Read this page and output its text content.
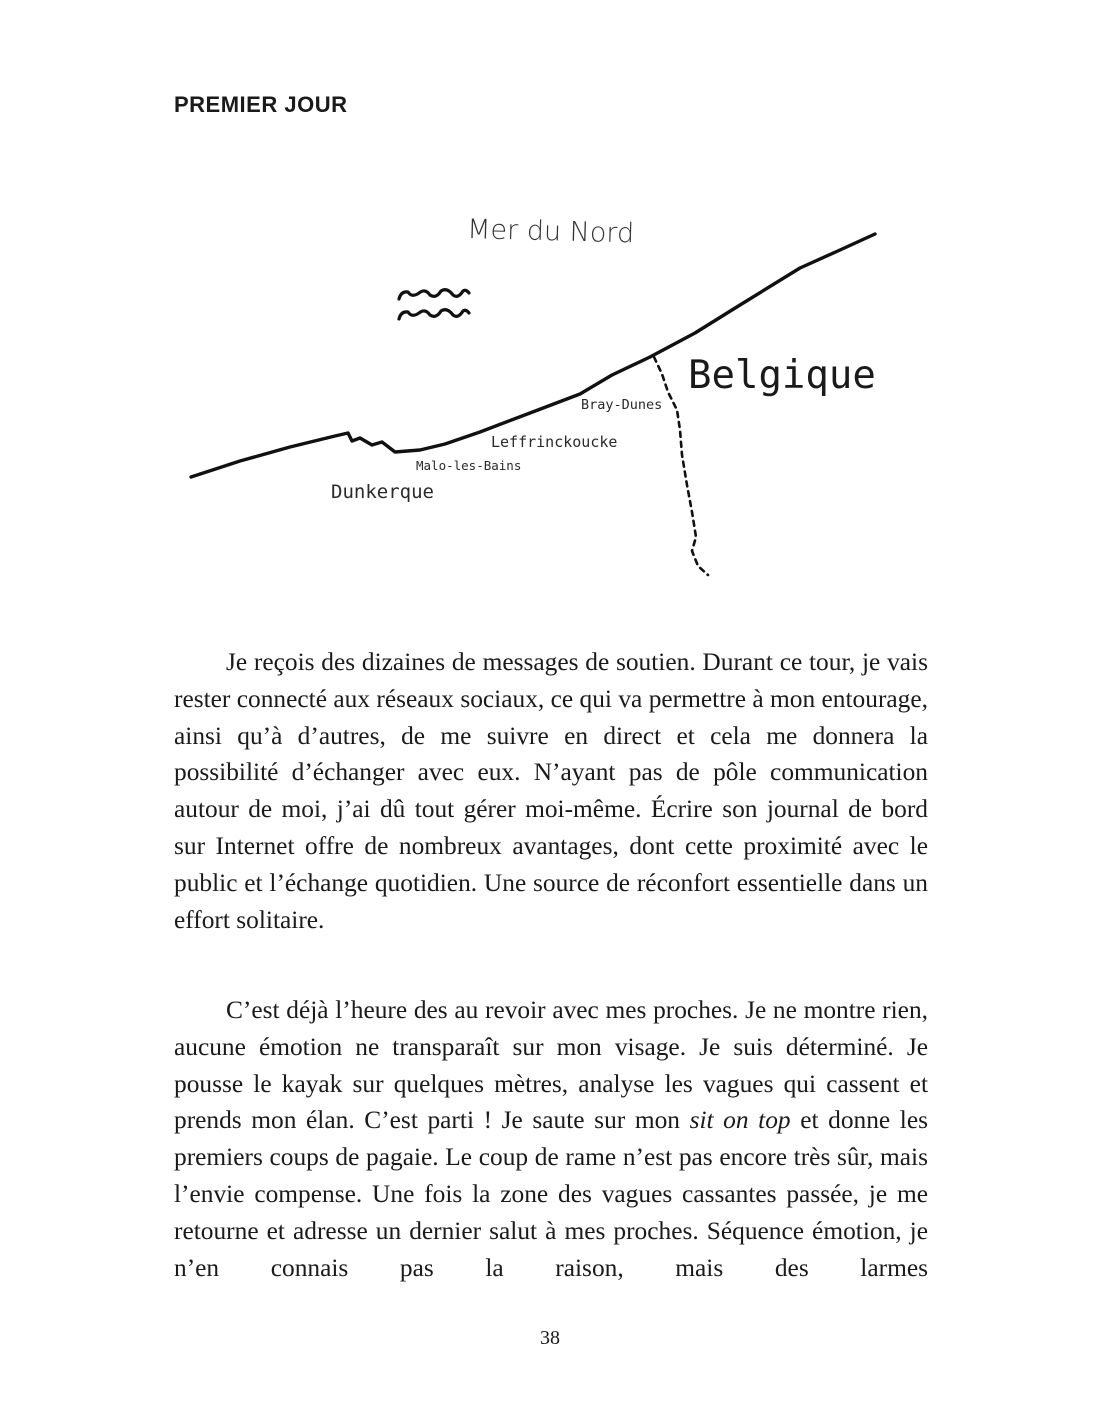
PREMIER JOUR
Mer du Nord
Belgique
Bray-Dunes
Leffrinckoucke
Malo-les-Bains
Dunkerque

Je reçois des dizaines de messages de soutien. Durant ce tour, je vais rester connecté aux réseaux sociaux, ce qui va permettre à mon entourage, ainsi qu’à d’autres, de me suivre en direct et cela me donnera la possibilité d’échanger avec eux. N’ayant pas de pôle communication autour de moi, j’ai dû tout gérer moi-même. Écrire son journal de bord sur Internet offre de nombreux avantages, dont cette proximité avec le public et l’échange quotidien. Une source de réconfort essentielle dans un effort solitaire.

C’est déjà l’heure des au revoir avec mes proches. Je ne montre rien, aucune émotion ne transparaît sur mon visage. Je suis déterminé. Je pousse le kayak sur quelques mètres, analyse les vagues qui cassent et prends mon élan. C’est parti ! Je saute sur mon sit on top et donne les premiers coups de pagaie. Le coup de rame n’est pas encore très sûr, mais l’envie compense. Une fois la zone des vagues cassantes passée, je me retourne et adresse un dernier salut à mes proches. Séquence émotion, je n’en connais pas la raison, mais des larmes

38
